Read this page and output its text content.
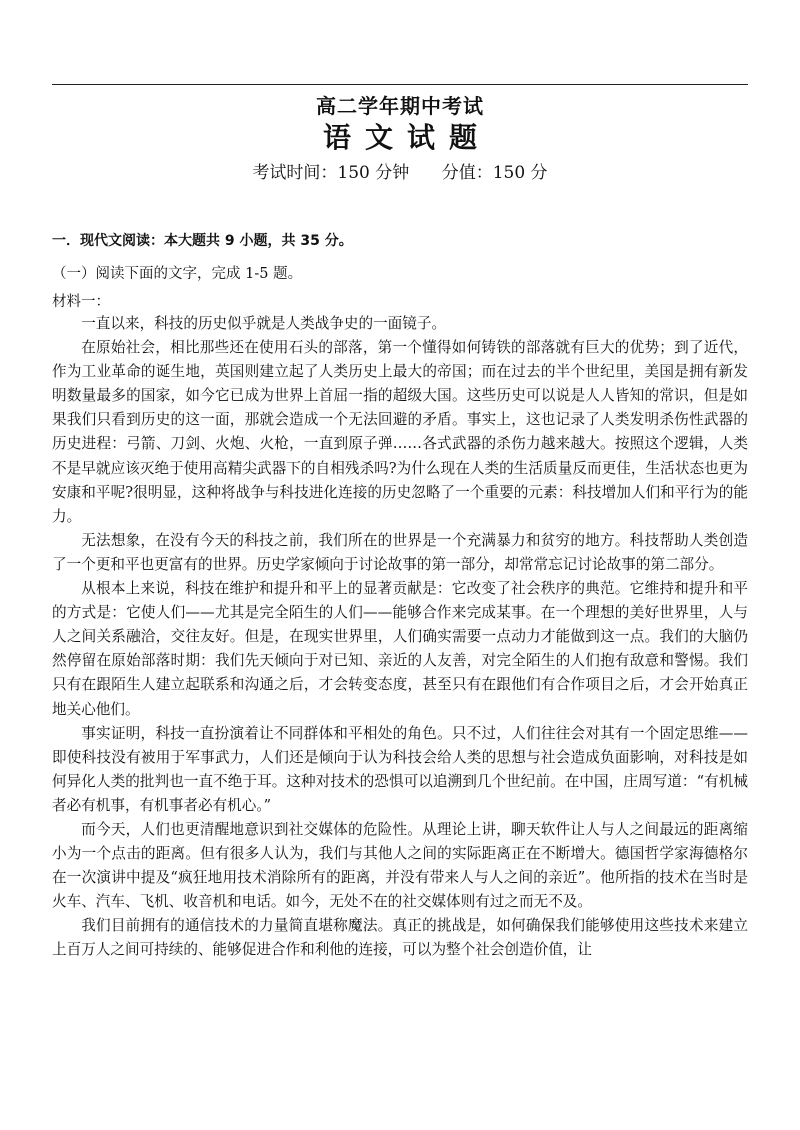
高二学年期中考试
语文试题
考试时间：150 分钟      分值：150 分
一．现代文阅读：本大题共 9 小题，共 35 分。
（一）阅读下面的文字，完成 1-5 题。
材料一：

一直以来，科技的历史似乎就是人类战争史的一面镜子。

在原始社会，相比那些还在使用石头的部落，第一个懂得如何铸铁的部落就有巨大的优势；到了近代，作为工业革命的诞生地，英国则建立起了人类历史上最大的帝国；而在过去的半个世纪里，美国是拥有新发明数量最多的国家，如今它已成为世界上首屈一指的超级大国。这些历史可以说是人人皆知的常识，但是如果我们只看到历史的这一面，那就会造成一个无法回避的矛盾。事实上，这也记录了人类发明杀伤性武器的历史进程：弓箭、刀剑、火炮、火枪，一直到原子弹……各式武器的杀伤力越来越大。按照这个逻辑，人类不是早就应该灭绝于使用高精尖武器下的自相残杀吗?为什么现在人类的生活质量反而更佳，生活状态也更为安康和平呢?很明显，这种将战争与科技进化连接的历史忽略了一个重要的元素：科技增加人们和平行为的能力。

无法想象，在没有今天的科技之前，我们所在的世界是一个充满暴力和贫穷的地方。科技帮助人类创造了一个更和平也更富有的世界。历史学家倾向于讨论故事的第一部分，却常常忘记讨论故事的第二部分。

从根本上来说，科技在维护和提升和平上的显著贡献是：它改变了社会秩序的典范。它维持和提升和平的方式是：它使人们——尤其是完全陌生的人们——能够合作来完成某事。在一个理想的美好世界里，人与人之间关系融洽，交往友好。但是，在现实世界里，人们确实需要一点动力才能做到这一点。我们的大脑仍然停留在原始部落时期：我们先天倾向于对已知、亲近的人友善，对完全陌生的人们抱有敌意和警惕。我们只有在跟陌生人建立起联系和沟通之后，才会转变态度，甚至只有在跟他们有合作项目之后，才会开始真正地关心他们。

事实证明，科技一直扮演着让不同群体和平相处的角色。只不过，人们往往会对其有一个固定思维——即使科技没有被用于军事武力，人们还是倾向于认为科技会给人类的思想与社会造成负面影响，对科技是如何异化人类的批判也一直不绝于耳。这种对技术的恐惧可以追溯到几个世纪前。在中国，庄周写道：“有机械者必有机事，有机事者必有机心。”

而今天，人们也更清醒地意识到社交媒体的危险性。从理论上讲，聊天软件让人与人之间最远的距离缩小为一个点击的距离。但有很多人认为，我们与其他人之间的实际距离正在不断增大。德国哲学家海德格尔在一次演讲中提及“疯狂地用技术消除所有的距离，并没有带来人与人之间的亲近”。他所指的技术在当时是火车、汽车、飞机、收音机和电话。如今，无处不在的社交媒体则有过之而无不及。

我们目前拥有的通信技术的力量简直堪称魔法。真正的挑战是，如何确保我们能够使用这些技术来建立上百万人之间可持续的、能够促进合作和利他的连接，可以为整个社会创造价值，让
